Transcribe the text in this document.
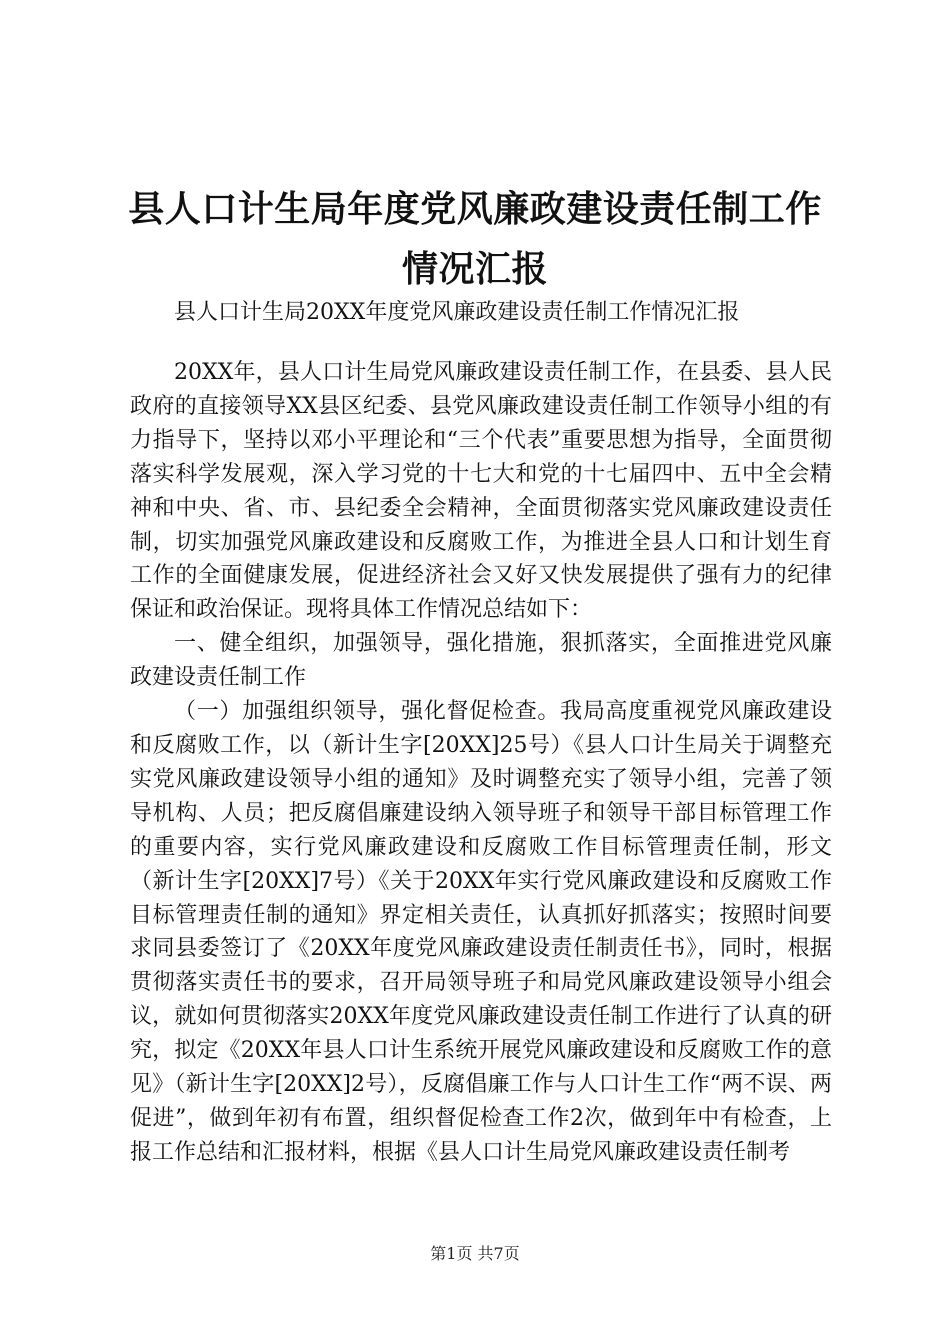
县人口计生局年度党风廉政建设责任制工作情况汇报

县人口计生局20XX年度党风廉政建设责任制工作情况汇报

20XX年，县人口计生局党风廉政建设责任制工作，在县委、县人民政府的直接领导XX县区纪委、县党风廉政建设责任制工作领导小组的有力指导下，坚持以邓小平理论和“三个代表”重要思想为指导，全面贯彻落实科学发展观，深入学习党的十七大和党的十七届四中、五中全会精神和中央、省、市、县纪委全会精神，全面贯彻落实党风廉政建设责任制，切实加强党风廉政建设和反腐败工作，为推进全县人口和计划生育工作的全面健康发展，促进经济社会又好又快发展提供了强有力的纪律保证和政治保证。现将具体工作情况总结如下：

一、健全组织，加强领导，强化措施，狠抓落实，全面推进党风廉政建设责任制工作

（一）加强组织领导，强化督促检查。我局高度重视党风廉政建设和反腐败工作，以（新计生字[20XX]25号）《县人口计生局关于调整充实党风廉政建设领导小组的通知》及时调整充实了领导小组，完善了领导机构、人员；把反腐倡廉建设纳入领导班子和领导干部目标管理工作的重要内容，实行党风廉政建设和反腐败工作目标管理责任制，形文（新计生字[20XX]7号）《关于20XX年实行党风廉政建设和反腐败工作目标管理责任制的通知》界定相关责任，认真抓好抓落实；按照时间要求同县委签订了《20XX年度党风廉政建设责任制责任书》，同时，根据贯彻落实责任书的要求，召开局领导班子和局党风廉政建设领导小组会议，就如何贯彻落实20XX年度党风廉政建设责任制工作进行了认真的研究，拟定《20XX年县人口计生系统开展党风廉政建设和反腐败工作的意见》（新计生字[20XX]2号），反腐倡廉工作与人口计生工作“两不误、两促进”，做到年初有布置，组织督促检查工作2次，做到年中有检查，上报工作总结和汇报材料，根据《县人口计生局党风廉政建设责任制考

第1页 共7页
